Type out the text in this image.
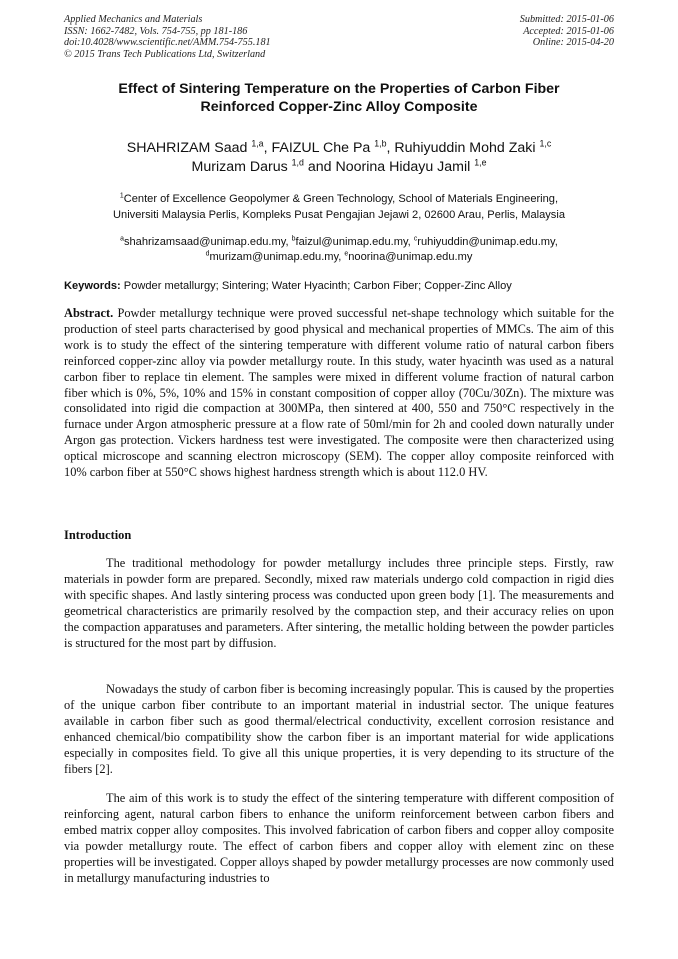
Applied Mechanics and Materials
ISSN: 1662-7482, Vols. 754-755, pp 181-186
doi:10.4028/www.scientific.net/AMM.754-755.181
© 2015 Trans Tech Publications Ltd, Switzerland
Submitted: 2015-01-06
Accepted: 2015-01-06
Online: 2015-04-20
Effect of Sintering Temperature on the Properties of Carbon Fiber
Reinforced Copper-Zinc Alloy Composite
SHAHRIZAM Saad $^{1,a}$, FAIZUL Che Pa $^{1,b}$, Ruhiyuddin Mohd Zaki $^{1,c}$
Murizam Darus $^{1,d}$ and Noorina Hidayu Jamil $^{1,e}$
$^1$Center of Excellence Geopolymer & Green Technology, School of Materials Engineering,
Universiti Malaysia Perlis, Kompleks Pusat Pengajian Jejawi 2, 02600 Arau, Perlis, Malaysia
$^a$shahrizamsaad@unimap.edu.my, $^b$faizul@unimap.edu.my, $^c$ruhiyuddin@unimap.edu.my,
$^d$murizam@unimap.edu.my, $^e$noorina@unimap.edu.my
Keywords: Powder metallurgy; Sintering; Water Hyacinth; Carbon Fiber; Copper-Zinc Alloy
Abstract. Powder metallurgy technique were proved successful net-shape technology which suitable for the production of steel parts characterised by good physical and mechanical properties of MMCs. The aim of this work is to study the effect of the sintering temperature with different volume ratio of natural carbon fibers reinforced copper-zinc alloy via powder metallurgy route. In this study, water hyacinth was used as a natural carbon fiber to replace tin element. The samples were mixed in different volume fraction of natural carbon fiber which is 0%, 5%, 10% and 15% in constant composition of copper alloy (70Cu/30Zn). The mixture was consolidated into rigid die compaction at 300MPa, then sintered at 400, 550 and 750°C respectively in the furnace under Argon atmospheric pressure at a flow rate of 50ml/min for 2h and cooled down naturally under Argon gas protection. Vickers hardness test were investigated. The composite were then characterized using optical microscope and scanning electron microscopy (SEM). The copper alloy composite reinforced with 10% carbon fiber at 550°C shows highest hardness strength which is about 112.0 HV.
Introduction
The traditional methodology for powder metallurgy includes three principle steps. Firstly, raw materials in powder form are prepared. Secondly, mixed raw materials undergo cold compaction in rigid dies with specific shapes. And lastly sintering process was conducted upon green body [1]. The measurements and geometrical characteristics are primarily resolved by the compaction step, and their accuracy relies on upon the compaction apparatuses and parameters. After sintering, the metallic holding between the powder particles is structured for the most part by diffusion.
Nowadays the study of carbon fiber is becoming increasingly popular. This is caused by the properties of the unique carbon fiber contribute to an important material in industrial sector. The unique features available in carbon fiber such as good thermal/electrical conductivity, excellent corrosion resistance and enhanced chemical/bio compatibility show the carbon fiber is an important material for wide applications especially in composites field. To give all this unique properties, it is very depending to its structure of the fibers [2].
The aim of this work is to study the effect of the sintering temperature with different composition of reinforcing agent, natural carbon fibers to enhance the uniform reinforcement between carbon fibers and embed matrix copper alloy composites. This involved fabrication of carbon fibers and copper alloy composite via powder metallurgy route. The effect of carbon fibers and copper alloy with element zinc on these properties will be investigated. Copper alloys shaped by powder metallurgy processes are now commonly used in metallurgy manufacturing industries to
